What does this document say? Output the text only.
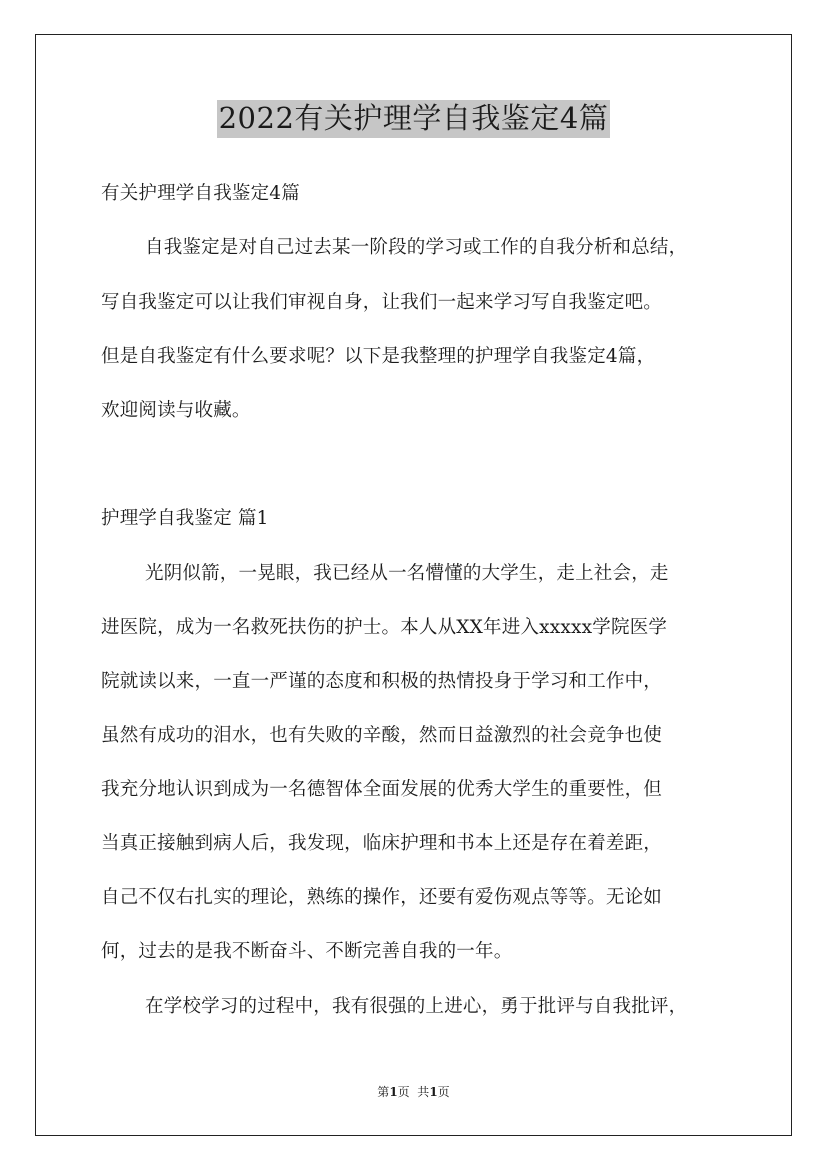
2022有关护理学自我鉴定4篇
有关护理学自我鉴定4篇
自我鉴定是对自己过去某一阶段的学习或工作的自我分析和总结，
写自我鉴定可以让我们审视自身，让我们一起来学习写自我鉴定吧。
但是自我鉴定有什么要求呢？以下是我整理的护理学自我鉴定4篇，
欢迎阅读与收藏。
护理学自我鉴定 篇1
光阴似箭，一晃眼，我已经从一名懵懂的大学生，走上社会，走
进医院，成为一名救死扶伤的护士。本人从XX年进入xxxxx学院医学
院就读以来，一直一严谨的态度和积极的热情投身于学习和工作中，
虽然有成功的泪水，也有失败的辛酸，然而日益激烈的社会竞争也使
我充分地认识到成为一名德智体全面发展的优秀大学生的重要性，但
当真正接触到病人后，我发现，临床护理和书本上还是存在着差距，
自己不仅右扎实的理论，熟练的操作，还要有爱伤观点等等。无论如
何，过去的是我不断奋斗、不断完善自我的一年。
在学校学习的过程中，我有很强的上进心，勇于批评与自我批评，
第1页  共1页
